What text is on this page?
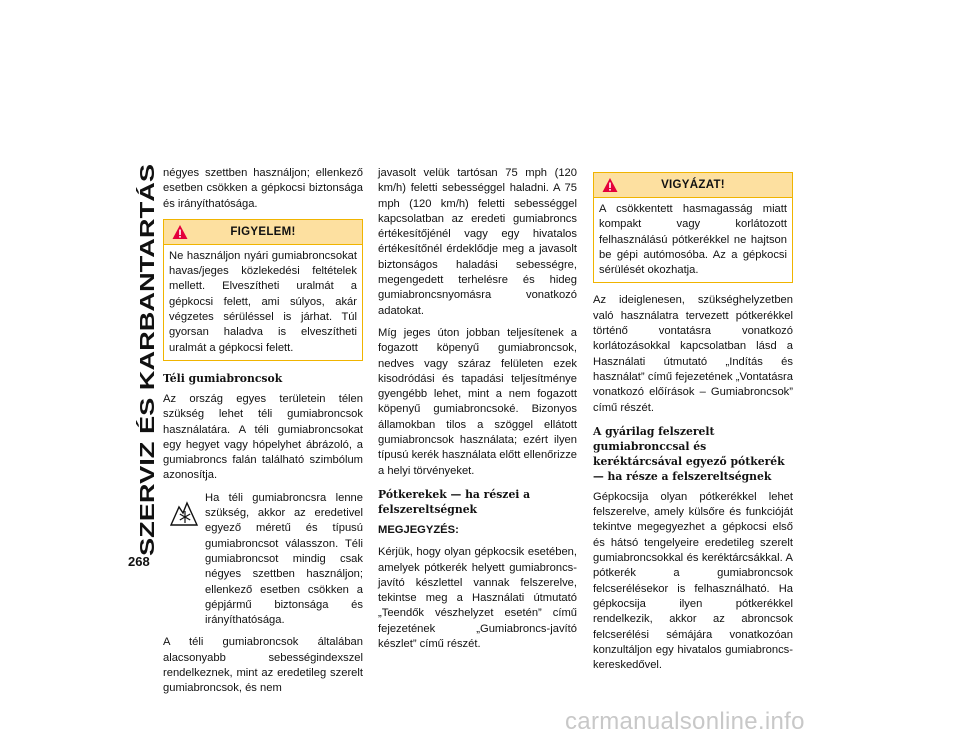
SZERVIZ ÉS KARBANTARTÁS
268

négyes szettben használjon; ellenkező esetben csökken a gépkocsi biztonsága és irányíthatósága.

FIGYELEM!
Ne használjon nyári gumiabroncsokat havas/jeges közlekedési feltételek mellett. Elveszítheti uralmát a gépkocsi felett, ami súlyos, akár végzetes sérüléssel is járhat. Túl gyorsan haladva is elveszítheti uralmát a gépkocsi felett.
Téli gumiabroncsok

Az ország egyes területein télen szükség lehet téli gumiabroncsok használatára. A téli gumiabroncsokat egy hegyet vagy hópelyhet ábrázoló, a gumiabroncs falán található szimbólum azonosítja.

Ha téli gumiabroncsra lenne szükség, akkor az eredetivel egyező méretű és típusú gumiabroncsot válasszon. Téli gumiabroncsot mindig csak négyes szettben használjon; ellenkező esetben csökken a gépjármű biztonsága és irányíthatósága.

A téli gumiabroncsok általában alacsonyabb sebességindexszel rendelkeznek, mint az eredetileg szerelt gumiabroncsok, és nem

javasolt velük tartósan 75 mph (120 km/h) feletti sebességgel haladni. A 75 mph (120 km/h) feletti sebességgel kapcsolatban az eredeti gumiabroncs értékesítőjénél vagy egy hivatalos értékesítőnél érdeklődje meg a javasolt biztonságos haladási sebességre, megengedett terhelésre és hideg gumiabroncsnyomásra vonatkozó adatokat.

Míg jeges úton jobban teljesítenek a fogazott köpenyű gumiabroncsok, nedves vagy száraz felületen ezek kisodródási és tapadási teljesítménye gyengébb lehet, mint a nem fogazott köpenyű gumiabroncsoké. Bizonyos államokban tilos a szöggel ellátott gumiabroncsok használata; ezért ilyen típusú kerék használata előtt ellenőrizze a helyi törvényeket.

Pótkerekek — ha részei a felszereltségnek

MEGJEGYZÉS:

Kérjük, hogy olyan gépkocsik esetében, amelyek pótkerék helyett gumiabroncs-javító készlettel vannak felszerelve, tekintse meg a Használati útmutató „Teendők vészhelyzet esetén” című fejezetének „Gumiabroncs-javító készlet” című részét.

VIGYÁZAT!
A csökkentett hasmagasság miatt kompakt vagy korlátozott felhasználású pótkerékkel ne hajtson be gépi autómosóba. Az a gépkocsi sérülését okozhatja.

Az ideiglenesen, szükséghelyzetben való használatra tervezett pótkerékkel történő vontatásra vonatkozó korlátozásokkal kapcsolatban lásd a Használati útmutató „Indítás és használat” című fejezetének „Vontatásra vonatkozó előírások – Gumiabroncsok” című részét.

A gyárilag felszerelt gumiabronccsal és keréktárcsával egyező pótkerék — ha része a felszereltségnek

Gépkocsija olyan pótkerékkel lehet felszerelve, amely külsőre és funkcióját tekintve megegyezhet a gépkocsi első és hátsó tengelyeire eredetileg szerelt gumiabroncsokkal és keréktárcsákkal. A pótkerék a gumiabroncsok felcserélésekor is felhasználható. Ha gépkocsija ilyen pótkerékkel rendelkezik, akkor az abroncsok felcserélési sémájára vonatkozóan konzultáljon egy hivatalos gumiabroncs-kereskedővel.

carmanualsonline.info
